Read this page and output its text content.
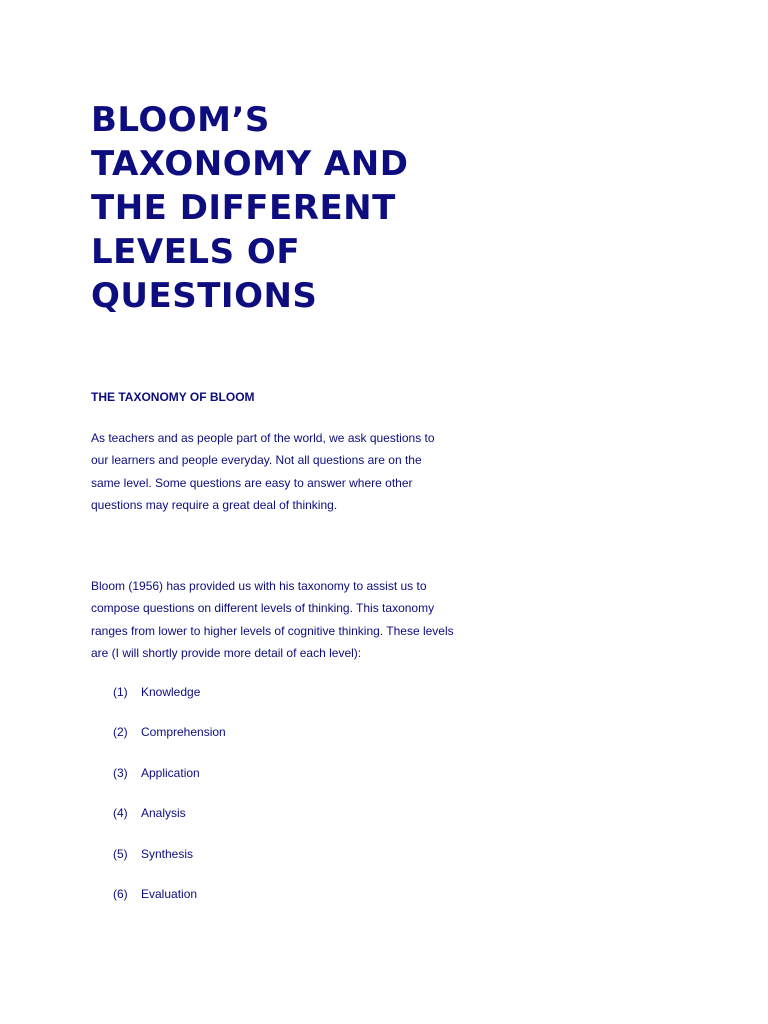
BLOOM’S
TAXONOMY AND
THE DIFFERENT
LEVELS OF
QUESTIONS
THE TAXONOMY OF BLOOM

As teachers and as people part of the world, we ask questions to
our learners and people everyday. Not all questions are on the
same level. Some questions are easy to answer where other
questions may require a great deal of thinking.

Bloom (1956) has provided us with his taxonomy to assist us to
compose questions on different levels of thinking. This taxonomy
ranges from lower to higher levels of cognitive thinking. These levels
are (I will shortly provide more detail of each level):

(1)	Knowledge
(2)	Comprehension
(3)	Application
(4)	Analysis
(5)	Synthesis
(6)	Evaluation
